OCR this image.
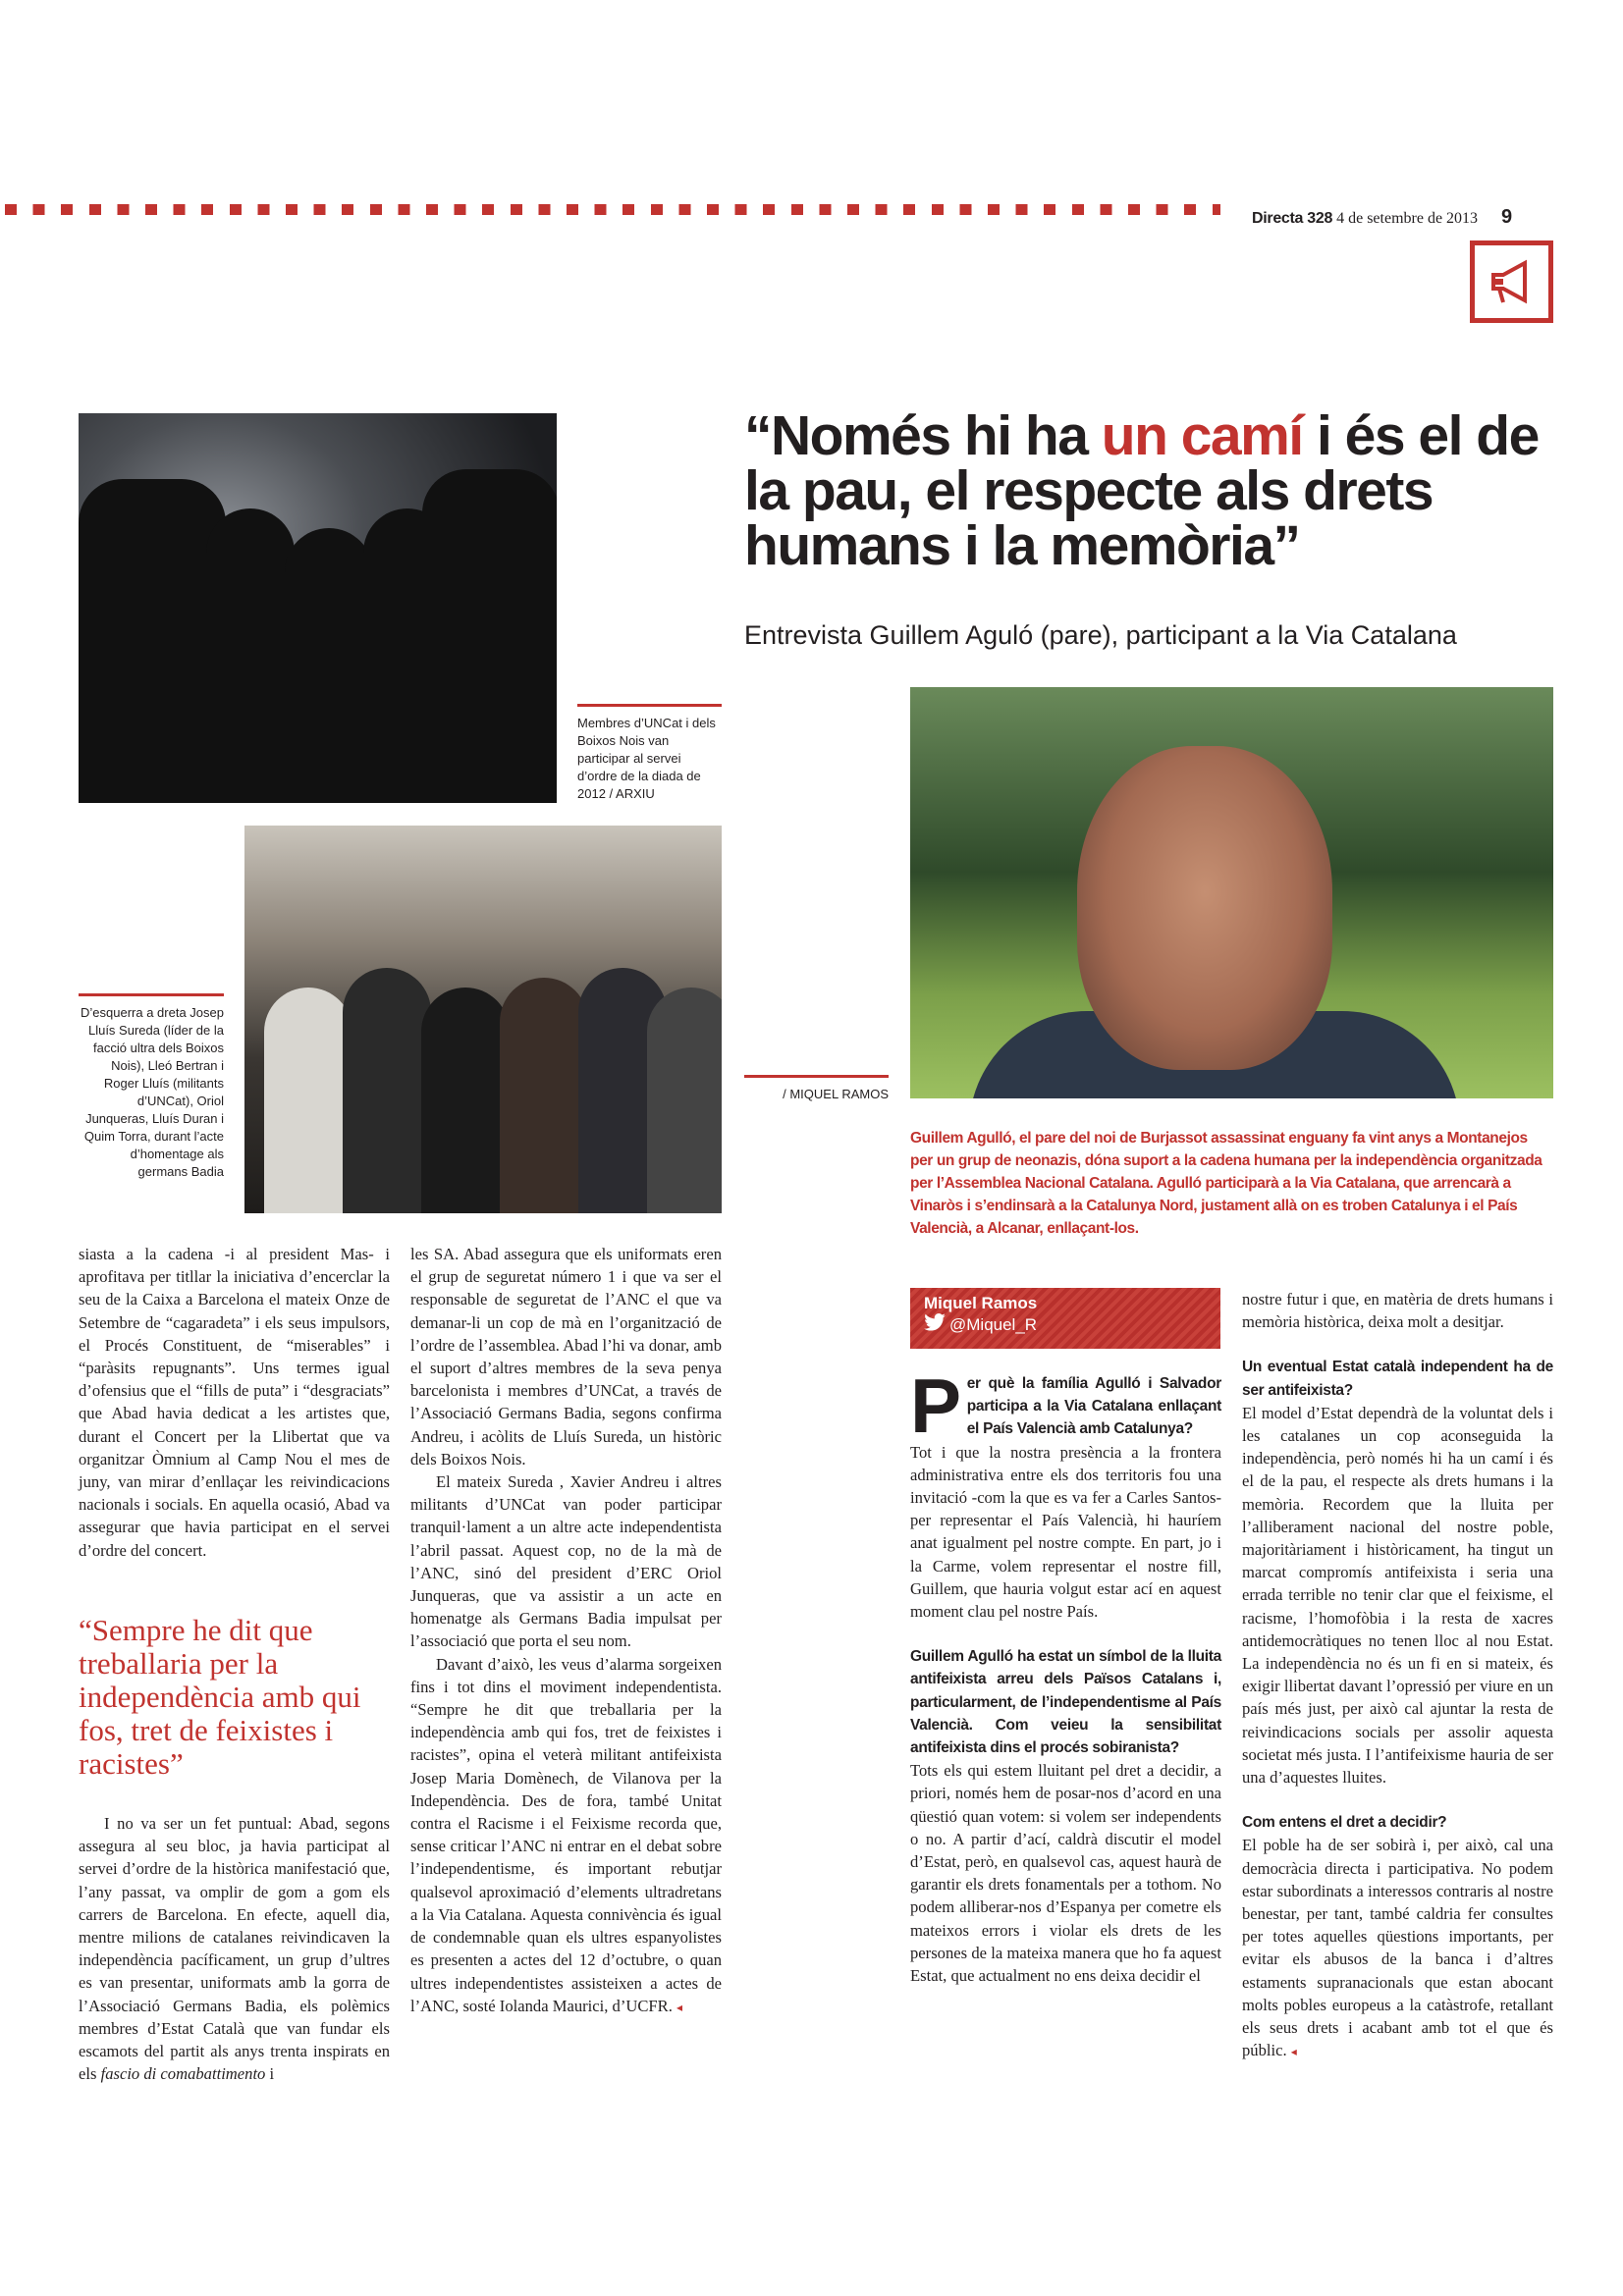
Directa 328 4 de setembre de 2013 9
Membres d’UNCat i dels Boixos Nois van participar al servei d’ordre de la diada de 2012 / ARXIU
D’esquerra a dreta Josep Lluís Sureda (líder de la facció ultra dels Boixos Nois), Lleó Bertran i Roger Lluís (militants d’UNCat), Oriol Junqueras, Lluís Duran i Quim Torra, durant l’acte d’homentage als germans Badia
“Només hi ha un camí i és el de la pau, el respecte als drets humans i la memòria”
Entrevista Guillem Aguló (pare), participant a la Via Catalana
/ MIQUEL RAMOS
Guillem Agulló, el pare del noi de Burjassot assassinat enguany fa vint anys a Montanejos per un grup de neonazis, dóna suport a la cadena humana per la independència organitzada per l’Assemblea Nacional Catalana. Agulló participarà a la Via Catalana, que arrencarà a Vinaròs i s’endinsarà a la Catalunya Nord, justament allà on es troben Catalunya i el País Valencià, a Alcanar, enllaçant-los.

siasta a la cadena -i al president Mas- i aprofitava per titllar la iniciativa d’encerclar la seu de la Caixa a Barcelona el mateix Onze de Setembre de “cagaradeta” i els seus impulsors, el Procés Constituent, de “miserables” i “paràsits repugnants”. Uns termes igual d’ofensius que el “fills de puta” i “desgraciats” que Abad havia dedicat a les artistes que, durant el Concert per la Llibertat que va organitzar Òmnium al Camp Nou el mes de juny, van mirar d’enllaçar les reivindicacions nacionals i socials. En aquella ocasió, Abad va assegurar que havia participat en el servei d’ordre del concert.

“Sempre he dit que treballaria per la independència amb qui fos, tret de feixistes i racistes”

I no va ser un fet puntual: Abad, segons assegura al seu bloc, ja havia participat al servei d’ordre de la històrica manifestació que, l’any passat, va omplir de gom a gom els carrers de Barcelona. En efecte, aquell dia, mentre milions de catalanes reivindicaven la independència pacíficament, un grup d’ultres es van presentar, uniformats amb la gorra de l’Associació Germans Badia, els polèmics membres d’Estat Català que van fundar els escamots del partit als anys trenta inspirats en els fascio di comabattimento i

les SA. Abad assegura que els uniformats eren el grup de seguretat número 1 i que va ser el responsable de seguretat de l’ANC el que va demanar-li un cop de mà en l’organització de l’ordre de l’assemblea. Abad l’hi va donar, amb el suport d’altres membres de la seva penya barcelonista i membres d’UNCat, a través de l’Associació Germans Badia, segons confirma Andreu, i acòlits de Lluís Sureda, un històric dels Boixos Nois.

El mateix Sureda , Xavier Andreu i altres militants d’UNCat van poder participar tranquil·lament a un altre acte independentista l’abril passat. Aquest cop, no de la mà de l’ANC, sinó del president d’ERC Oriol Junqueras, que va assistir a un acte en homenatge als Germans Badia impulsat per l’associació que porta el seu nom.

Davant d’això, les veus d’alarma sorgeixen fins i tot dins el moviment independentista. “Sempre he dit que treballaria per la independència amb qui fos, tret de feixistes i racistes”, opina el veterà militant antifeixista Josep Maria Domènech, de Vilanova per la Independència. Des de fora, també Unitat contra el Racisme i el Feixisme recorda que, sense criticar l’ANC ni entrar en el debat sobre l’independentisme, és important rebutjar qualsevol aproximació d’elements ultradretans a la Via Catalana. Aquesta connivència és igual de condemnable quan els ultres espanyolistes es presenten a actes del 12 d’octubre, o quan ultres independentistes assisteixen a actes de l’ANC, sosté Iolanda Maurici, d’UCFR. ◂

Miquel Ramos
@Miquel_R
Per què la família Agulló i Salvador participa a la Via Catalana enllaçant el País Valencià amb Catalunya?

Tot i que la nostra presència a la frontera administrativa entre els dos territoris fou una invitació -com la que es va fer a Carles Santos- per representar el País Valencià, hi hauríem anat igualment pel nostre compte. En part, jo i la Carme, volem representar el nostre fill, Guillem, que hauria volgut estar ací en aquest moment clau pel nostre País.

Guillem Agulló ha estat un símbol de la lluita antifeixista arreu dels Països Catalans i, particularment, de l’independentisme al País Valencià. Com veieu la sensibilitat antifeixista dins el procés sobiranista?

Tots els qui estem lluitant pel dret a decidir, a priori, només hem de posar-nos d’acord en una qüestió quan votem: si volem ser independents o no. A partir d’ací, caldrà discutir el model d’Estat, però, en qualsevol cas, aquest haurà de garantir els drets fonamentals per a tothom. No podem alliberar-nos d’Espanya per cometre els mateixos errors i violar els drets de les persones de la mateixa manera que ho fa aquest Estat, que actualment no ens deixa decidir el

nostre futur i que, en matèria de drets humans i memòria històrica, deixa molt a desitjar.

Un eventual Estat català independent ha de ser antifeixista?

El model d’Estat dependrà de la voluntat dels i les catalanes un cop aconseguida la independència, però només hi ha un camí i és el de la pau, el respecte als drets humans i la memòria. Recordem que la lluita per l’alliberament nacional del nostre poble, majoritàriament i històricament, ha tingut un marcat compromís antifeixista i seria una errada terrible no tenir clar que el feixisme, el racisme, l’homofòbia i la resta de xacres antidemocràtiques no tenen lloc al nou Estat. La independència no és un fi en si mateix, és exigir llibertat davant l’opressió per viure en un país més just, per això cal ajuntar la resta de reivindicacions socials per assolir aquesta societat més justa. I l’antifeixisme hauria de ser una d’aquestes lluites.

Com entens el dret a decidir?

El poble ha de ser sobirà i, per això, cal una democràcia directa i participativa. No podem estar subordinats a interessos contraris al nostre benestar, per tant, també caldria fer consultes per totes aquelles qüestions importants, per evitar els abusos de la banca i d’altres estaments supranacionals que estan abocant molts pobles europeus a la catàstrofe, retallant els seus drets i acabant amb tot el que és públic. ◂
